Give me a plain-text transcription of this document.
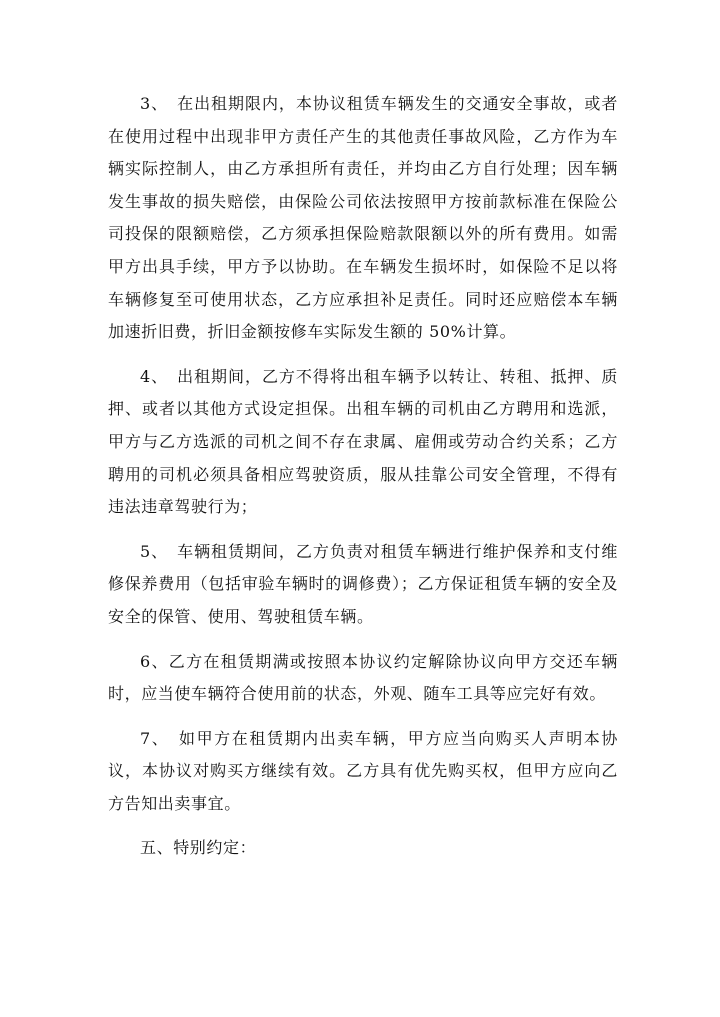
3、　在出租期限内，本协议租赁车辆发生的交通安全事故，或者在使用过程中出现非甲方责任产生的其他责任事故风险，乙方作为车辆实际控制人，由乙方承担所有责任，并均由乙方自行处理；因车辆发生事故的损失赔偿，由保险公司依法按照甲方按前款标准在保险公司投保的限额赔偿，乙方须承担保险赔款限额以外的所有费用。如需甲方出具手续，甲方予以协助。在车辆发生损坏时，如保险不足以将车辆修复至可使用状态，乙方应承担补足责任。同时还应赔偿本车辆加速折旧费，折旧金额按修车实际发生额的 50%计算。

4、　出租期间，乙方不得将出租车辆予以转让、转租、抵押、质押、或者以其他方式设定担保。出租车辆的司机由乙方聘用和选派，甲方与乙方选派的司机之间不存在隶属、雇佣或劳动合约关系；乙方聘用的司机必须具备相应驾驶资质，服从挂靠公司安全管理，不得有违法违章驾驶行为；

5、　车辆租赁期间，乙方负责对租赁车辆进行维护保养和支付维修保养费用（包括审验车辆时的调修费）；乙方保证租赁车辆的安全及安全的保管、使用、驾驶租赁车辆。

6、乙方在租赁期满或按照本协议约定解除协议向甲方交还车辆时，应当使车辆符合使用前的状态，外观、随车工具等应完好有效。

7、　如甲方在租赁期内出卖车辆，甲方应当向购买人声明本协议，本协议对购买方继续有效。乙方具有优先购买权，但甲方应向乙方告知出卖事宜。

五、特别约定：
